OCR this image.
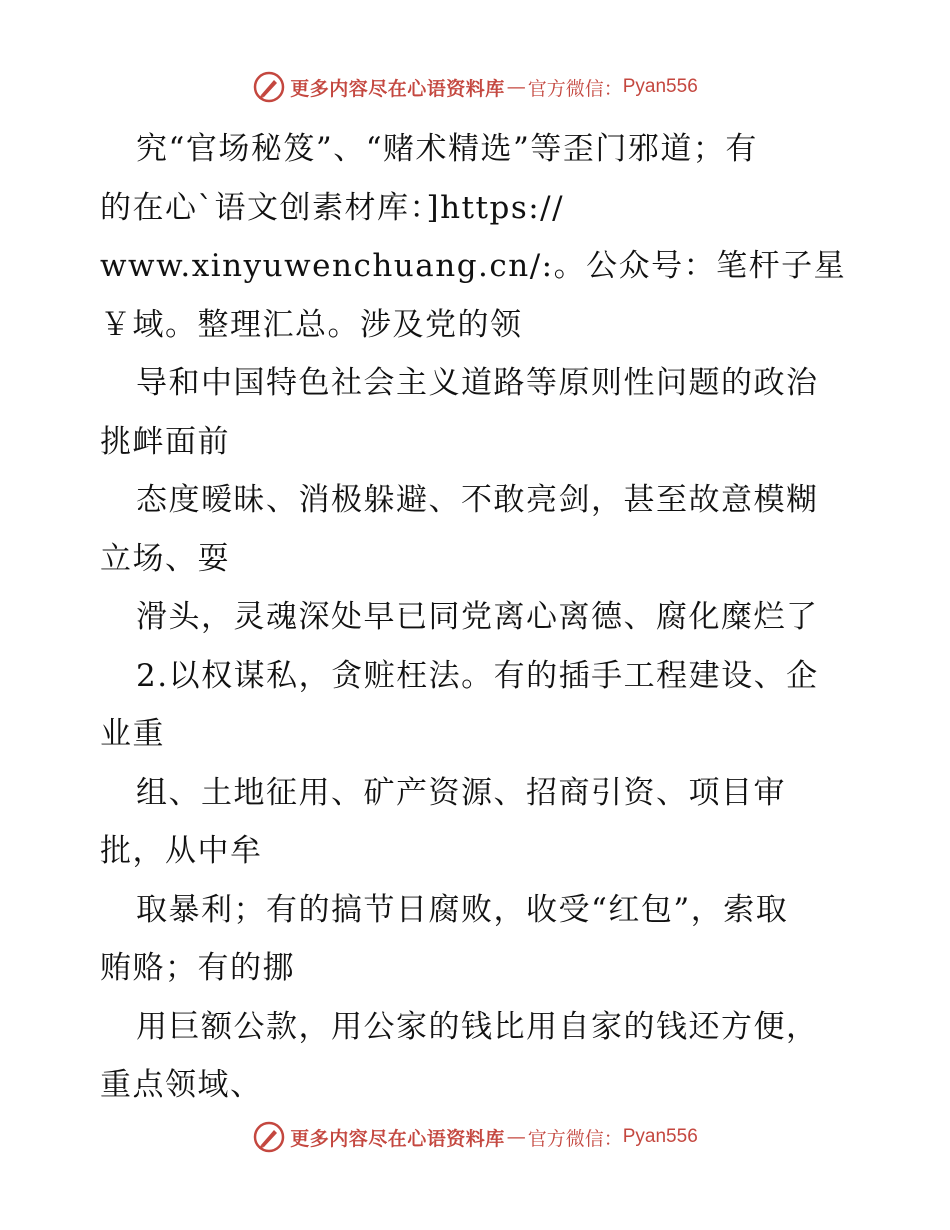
更多内容尽在心语资料库 — 官方微信： Pyan556
究“官场秘笈”、“赌术精选”等歪门邪道；有
的在心`语文创素材库：]https://
www.xinyuwenchuang.cn/:。公众号：笔杆子星
￥域。整理汇总。涉及党的领
导和中国特色社会主义道路等原则性问题的政治
挑衅面前
态度暧昧、消极躲避、不敢亮剑，甚至故意模糊
立场、耍
滑头，灵魂深处早已同党离心离德、腐化糜烂了
2.以权谋私，贪赃枉法。有的插手工程建设、企
业重
组、土地征用、矿产资源、招商引资、项目审
批，从中牟
取暴利；有的搞节日腐败，收受“红包”，索取
贿赂；有的挪
用巨额公款，用公家的钱比用自家的钱还方便，
重点领域、
更多内容尽在心语资料库 — 官方微信： Pyan556
